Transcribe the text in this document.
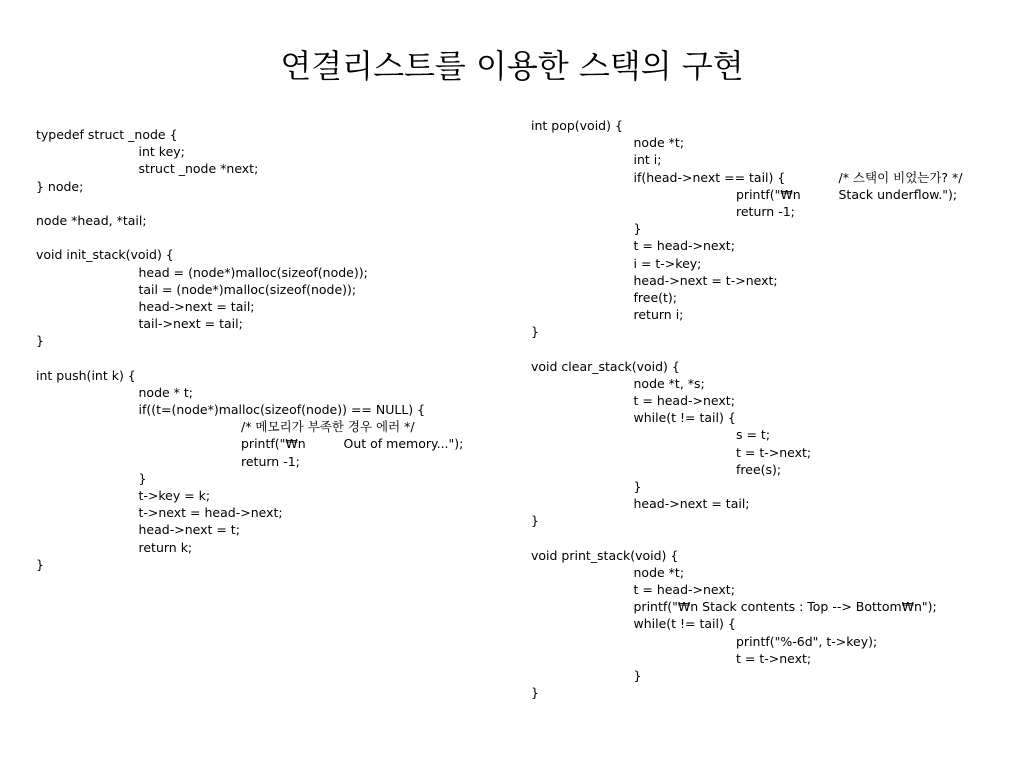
연결리스트를 이용한 스택의 구현
typedef struct _node {
int key;
struct _node *next;
} node;
node *head, *tail;
void init_stack(void) {
head = (node*)malloc(sizeof(node));
tail = (node*)malloc(sizeof(node));
head->next = tail;
tail->next = tail;
}
int push(int k) {
node * t;
if((t=(node*)malloc(sizeof(node)) == NULL) {
/* 메모리가 부족한 경우 에러 */
printf("₩n	Out of memory...");
return -1;
}
t->key = k;
t->next = head->next;
head->next = t;
return k;
}
int pop(void) {
node *t;
int i;
if(head->next == tail) {	/* 스택이 비었는가? */
printf("₩n	Stack underflow.");
return -1;
}
t = head->next;
i = t->key;
head->next = t->next;
free(t);
return i;
}
void clear_stack(void) {
node *t, *s;
t = head->next;
while(t != tail) {
s = t;
t = t->next;
free(s);
}
head->next = tail;
}
void print_stack(void) {
node *t;
t = head->next;
printf("₩n Stack contents : Top --> Bottom₩n");
while(t != tail) {
printf("%-6d", t->key);
t = t->next;
}
}
